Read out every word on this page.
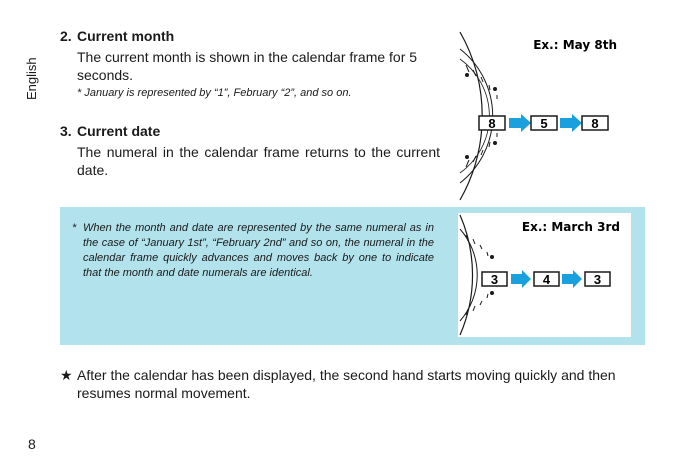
English
2. Current month
The current month is shown in the calendar frame for 5 seconds.
* January is represented by “1”, February “2”, and so on.
3. Current date
The numeral in the calendar frame returns to the current date.
Ex.: May 8th
8	5	8
* When the month and date are represented by the same numeral as in the case of “January 1st”, “February 2nd” and so on, the numeral in the calendar frame quickly advances and moves back by one to indicate that the month and date numerals are identical.
Ex.: March 3rd
3	4	3
★ After the calendar has been displayed, the second hand starts moving quickly and then resumes normal movement.
8
